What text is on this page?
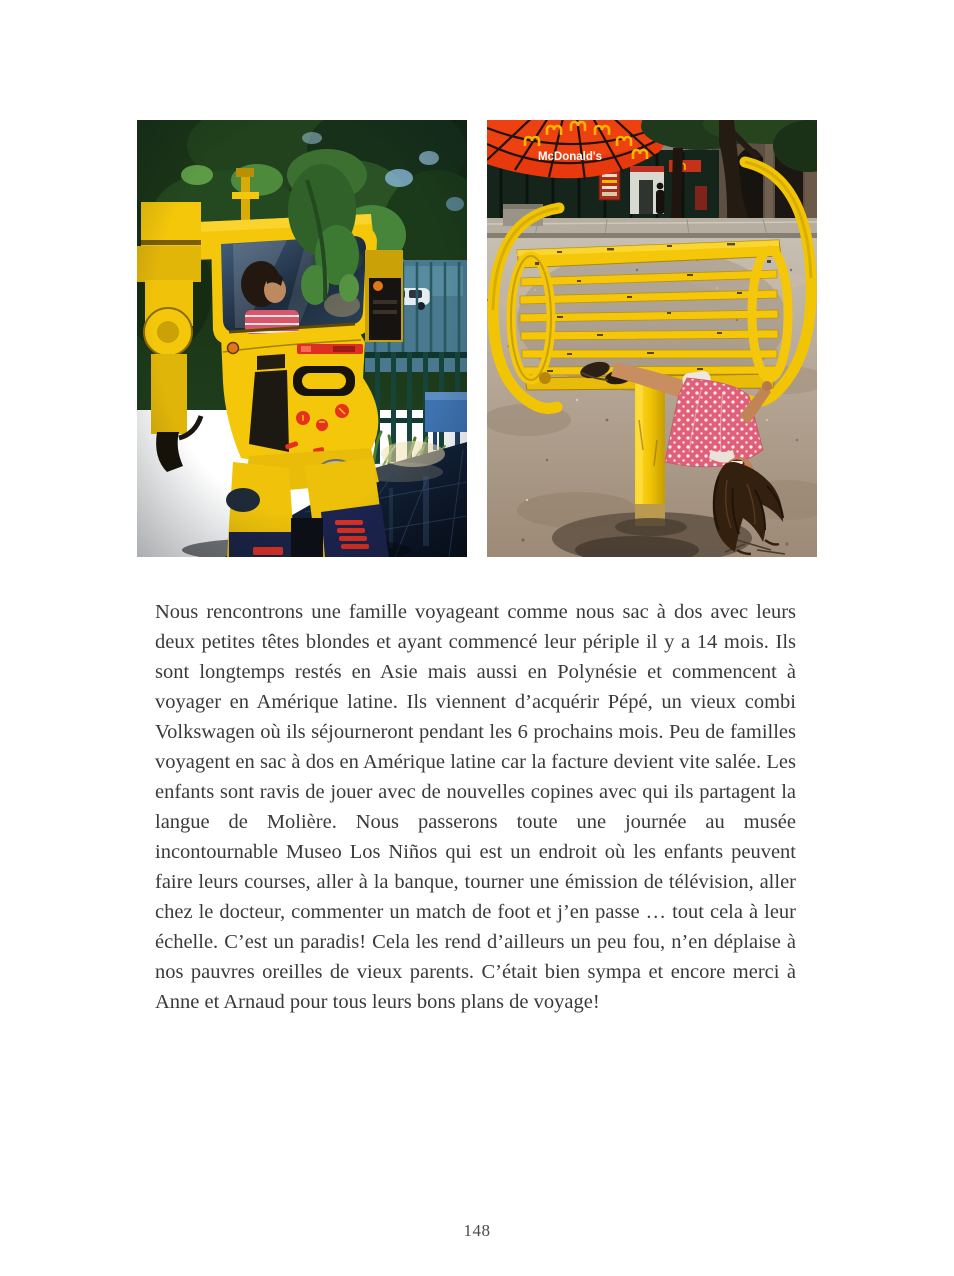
McDonald's

Nous rencontrons une famille voyageant comme nous sac à dos avec leurs deux petites têtes blondes et ayant commencé leur périple il y a 14 mois. Ils sont longtemps restés en Asie mais aussi en Polynésie et commencent à voyager en Amérique latine. Ils viennent d’acquérir Pépé, un vieux combi Volkswagen où ils séjourneront pendant les 6 prochains mois. Peu de familles voyagent en sac à dos en Amérique latine car la facture devient vite salée. Les enfants sont ravis de jouer avec de nouvelles copines avec qui ils partagent la langue de Molière. Nous passerons toute une journée au musée incontournable Museo Los Niños qui est un endroit où les enfants peuvent faire leurs courses, aller à la banque, tourner une émission de télévision, aller chez le docteur, commenter un match de foot et j’en passe … tout cela à leur échelle. C’est un paradis! Cela les rend d’ailleurs un peu fou, n’en déplaise à nos pauvres oreilles de vieux parents. C’était bien sympa et encore merci à Anne et Arnaud pour tous leurs bons plans de voyage!

148
